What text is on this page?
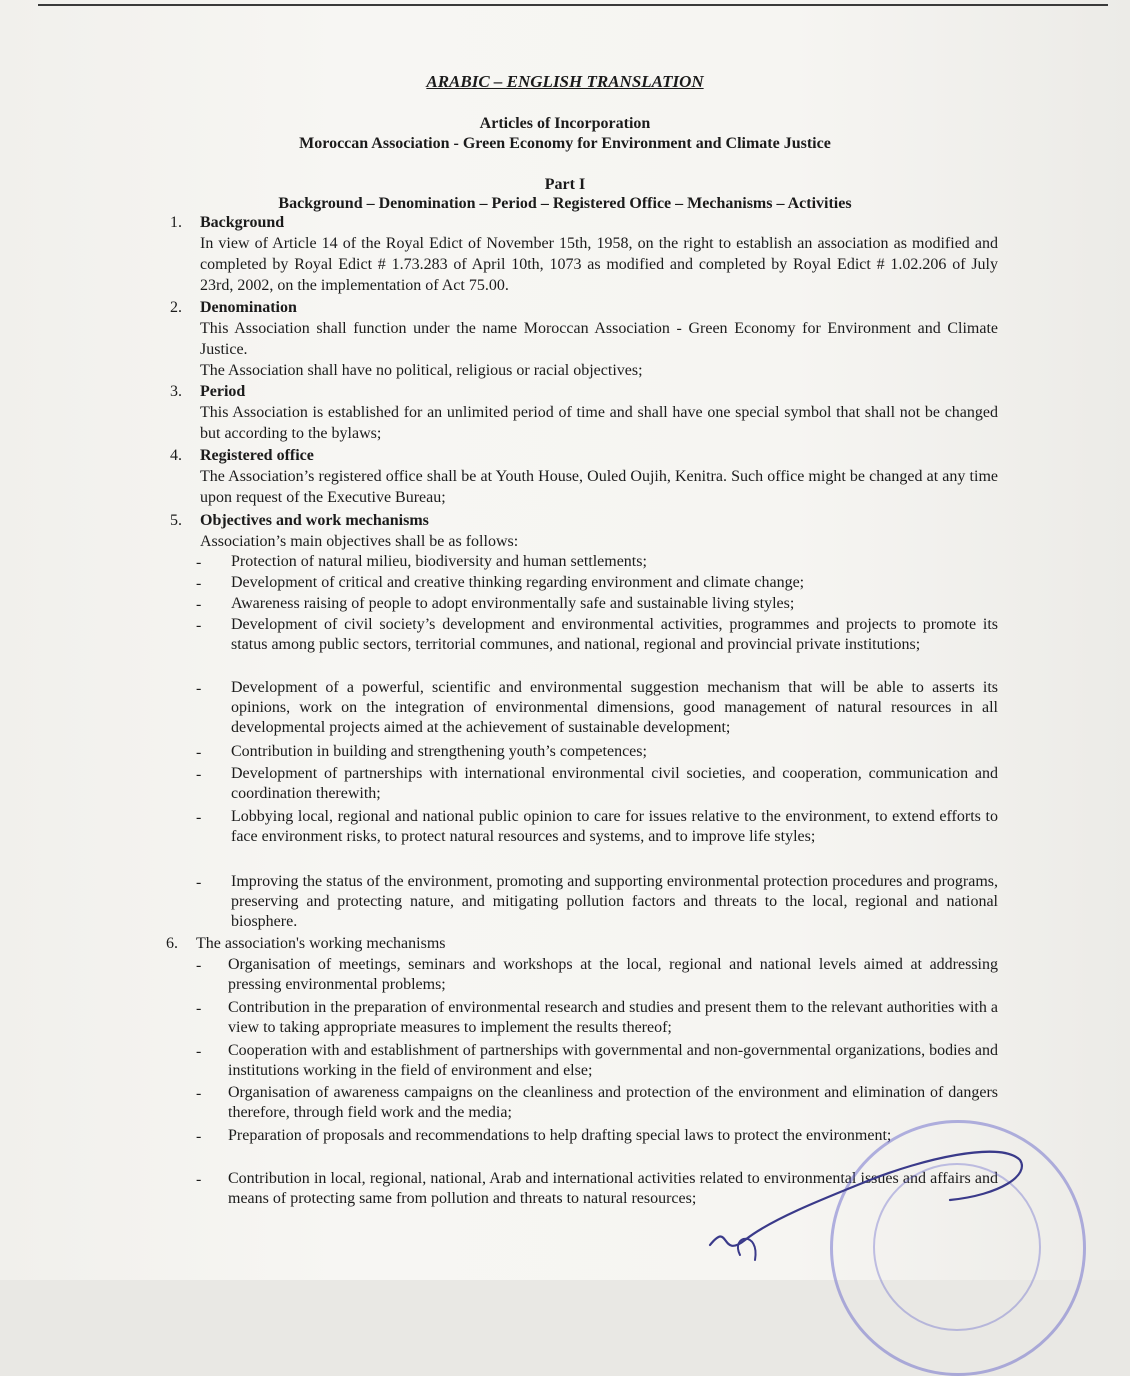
ARABIC – ENGLISH TRANSLATION
Articles of Incorporation
Moroccan Association - Green Economy for Environment and Climate Justice
Part I
Background – Denomination – Period – Registered Office – Mechanisms – Activities
1. Background
In view of Article 14 of the Royal Edict of November 15th, 1958, on the right to establish an association as modified and completed by Royal Edict # 1.73.283 of April 10th, 1073 as modified and completed by Royal Edict # 1.02.206 of July 23rd, 2002, on the implementation of Act 75.00.
2. Denomination
This Association shall function under the name Moroccan Association - Green Economy for Environment and Climate Justice.
The Association shall have no political, religious or racial objectives;
3. Period
This Association is established for an unlimited period of time and shall have one special symbol that shall not be changed but according to the bylaws;
4. Registered office
The Association’s registered office shall be at Youth House, Ouled Oujih, Kenitra. Such office might be changed at any time upon request of the Executive Bureau;
5. Objectives and work mechanisms
Association’s main objectives shall be as follows:
- Protection of natural milieu, biodiversity and human settlements;
- Development of critical and creative thinking regarding environment and climate change;
- Awareness raising of people to adopt environmentally safe and sustainable living styles;
- Development of civil society’s development and environmental activities, programmes and projects to promote its status among public sectors, territorial communes, and national, regional and provincial private institutions;
- Development of a powerful, scientific and environmental suggestion mechanism that will be able to asserts its opinions, work on the integration of environmental dimensions, good management of natural resources in all developmental projects aimed at the achievement of sustainable development;
- Contribution in building and strengthening youth’s competences;
- Development of partnerships with international environmental civil societies, and cooperation, communication and coordination therewith;
- Lobbying local, regional and national public opinion to care for issues relative to the environment, to extend efforts to face environment risks, to protect natural resources and systems, and to improve life styles;
- Improving the status of the environment, promoting and supporting environmental protection procedures and programs, preserving and protecting nature, and mitigating pollution factors and threats to the local, regional and national biosphere.
6. The association's working mechanisms
- Organisation of meetings, seminars and workshops at the local, regional and national levels aimed at addressing pressing environmental problems;
- Contribution in the preparation of environmental research and studies and present them to the relevant authorities with a view to taking appropriate measures to implement the results thereof;
- Cooperation with and establishment of partnerships with governmental and non-governmental organizations, bodies and institutions working in the field of environment and else;
- Organisation of awareness campaigns on the cleanliness and protection of the environment and elimination of dangers therefore, through field work and the media;
- Preparation of proposals and recommendations to help drafting special laws to protect the environment;
- Contribution in local, regional, national, Arab and international activities related to environmental issues and affairs and means of protecting same from pollution and threats to natural resources;
